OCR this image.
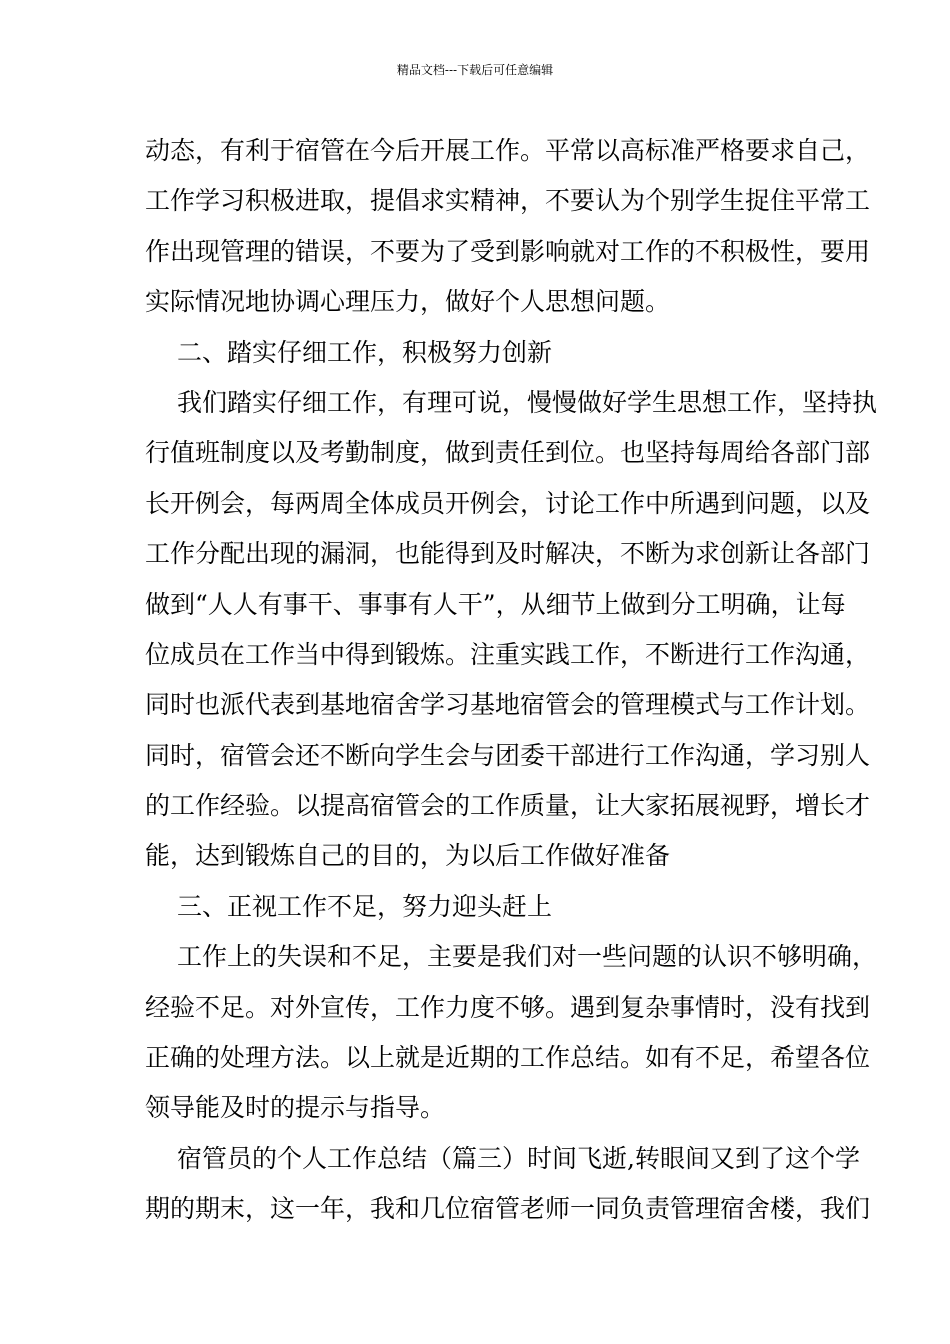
精品文档---下载后可任意编辑
动态，有利于宿管在今后开展工作。平常以高标准严格要求自己，
工作学习积极进取，提倡求实精神，不要认为个别学生捉住平常工
作出现管理的错误，不要为了受到影响就对工作的不积极性，要用
实际情况地协调心理压力，做好个人思想问题。
二、踏实仔细工作，积极努力创新
我们踏实仔细工作，有理可说，慢慢做好学生思想工作，坚持执
行值班制度以及考勤制度，做到责任到位。也坚持每周给各部门部
长开例会，每两周全体成员开例会，讨论工作中所遇到问题，以及
工作分配出现的漏洞，也能得到及时解决，不断为求创新让各部门
做到“人人有事干、事事有人干”，从细节上做到分工明确，让每
位成员在工作当中得到锻炼。注重实践工作，不断进行工作沟通，
同时也派代表到基地宿舍学习基地宿管会的管理模式与工作计划。
同时，宿管会还不断向学生会与团委干部进行工作沟通，学习别人
的工作经验。以提高宿管会的工作质量，让大家拓展视野，增长才
能，达到锻炼自己的目的，为以后工作做好准备
三、正视工作不足，努力迎头赶上
工作上的失误和不足，主要是我们对一些问题的认识不够明确，
经验不足。对外宣传，工作力度不够。遇到复杂事情时，没有找到
正确的处理方法。以上就是近期的工作总结。如有不足，希望各位
领导能及时的提示与指导。
宿管员的个人工作总结（篇三）时间飞逝,转眼间又到了这个学
期的期末，这一年，我和几位宿管老师一同负责管理宿舍楼，我们
